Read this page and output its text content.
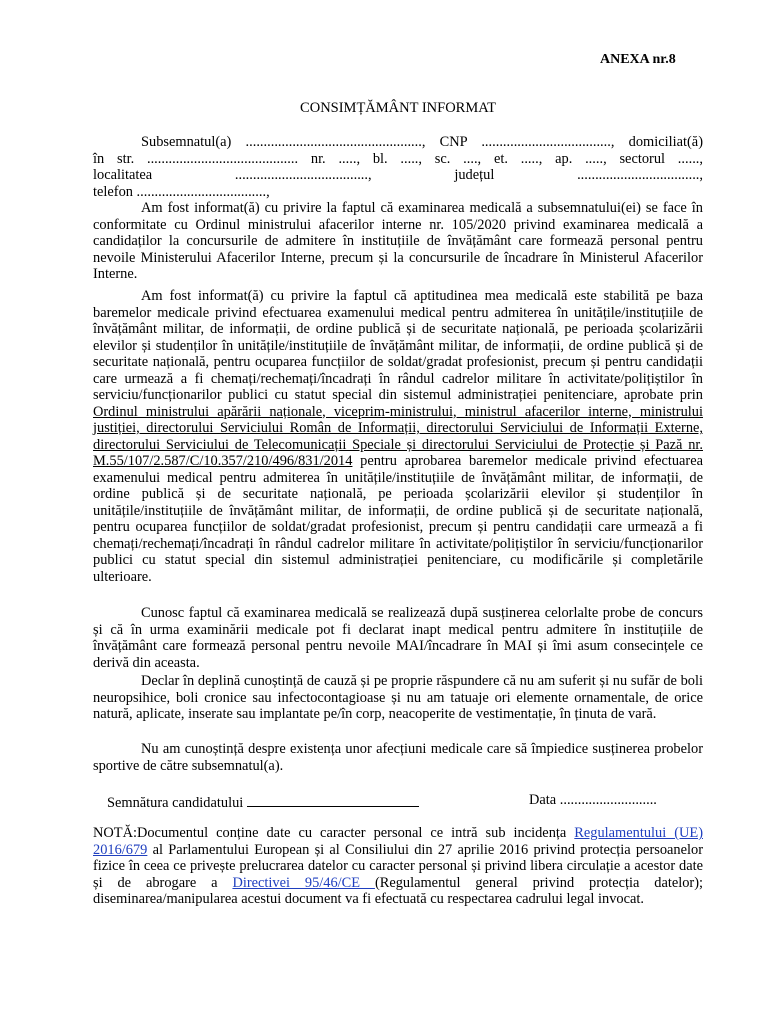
ANEXA nr.8
CONSIMȚĂMÂNT INFORMAT
Subsemnatul(a) ................................................., CNP ...................................., domiciliat(ă)
în str. .......................................... nr. ....., bl. ....., sc. ...., et. ....., ap. ....., sectorul ......,
localitatea ....................................., județul ..................................,
telefon ....................................,

Am fost informat(ă) cu privire la faptul că examinarea medicală a subsemnatului(ei) se face în conformitate cu Ordinul ministrului afacerilor interne nr. 105/2020 privind examinarea medicală a candidaților la concursurile de admitere în instituțiile de învățământ care formează personal pentru nevoile Ministerului Afacerilor Interne, precum și la concursurile de încadrare în Ministerul Afacerilor Interne.

Am fost informat(ă) cu privire la faptul că aptitudinea mea medicală este stabilită pe baza baremelor medicale privind efectuarea examenului medical pentru admiterea în unitățile/instituțiile de învățământ militar, de informații, de ordine publică și de securitate națională, pe perioada școlarizării elevilor și studenților în unitățile/instituțiile de învățământ militar, de informații, de ordine publică și de securitate națională, pentru ocuparea funcțiilor de soldat/gradat profesionist, precum și pentru candidații care urmează a fi chemați/rechemați/încadrați în rândul cadrelor militare în activitate/polițiștilor în serviciu/funcționarilor publici cu statut special din sistemul administrației penitenciare, aprobate prin Ordinul ministrului apărării naționale, viceprim-ministrului, ministrul afacerilor interne, ministrului justiției, directorului Serviciului Român de Informații, directorului Serviciului de Informații Externe, directorului Serviciului de Telecomunicații Speciale și directorului Serviciului de Protecție și Pază nr. M.55/107/2.587/C/10.357/210/496/831/2014 pentru aprobarea baremelor medicale privind efectuarea examenului medical pentru admiterea în unitățile/instituțiile de învățământ militar, de informații, de ordine publică și de securitate națională, pe perioada școlarizării elevilor și studenților în unitățile/instituțiile de învățământ militar, de informații, de ordine publică și de securitate națională, pentru ocuparea funcțiilor de soldat/gradat profesionist, precum și pentru candidații care urmează a fi chemați/rechemați/încadrați în rândul cadrelor militare în activitate/polițiștilor în serviciu/funcționarilor publici cu statut special din sistemul administrației penitenciare, cu modificările și completările ulterioare.

Cunosc faptul că examinarea medicală se realizează după susținerea celorlalte probe de concurs și că în urma examinării medicale pot fi declarat inapt medical pentru admitere în instituțiile de învățământ care formează personal pentru nevoile MAI/încadrare în MAI și îmi asum consecințele ce derivă din aceasta.

Declar în deplină cunoștință de cauză și pe proprie răspundere că nu am suferit și nu sufăr de boli neuropsihice, boli cronice sau infectocontagioase și nu am tatuaje ori elemente ornamentale, de orice natură, aplicate, inserate sau implantate pe/în corp, neacoperite de vestimentație, în ținuta de vară.

Nu am cunoștință despre existența unor afecțiuni medicale care să împiedice susținerea probelor sportive de către subsemnatul(a).

Semnătura candidatului	Data ...........................

NOTĂ:Documentul conține date cu caracter personal ce intră sub incidența Regulamentului (UE) 2016/679 al Parlamentului European și al Consiliului din 27 aprilie 2016 privind protecția persoanelor fizice în ceea ce privește prelucrarea datelor cu caracter personal și privind libera circulație a acestor date și de abrogare a Directivei 95/46/CE (Regulamentul general privind protecția datelor); diseminarea/manipularea acestui document va fi efectuată cu respectarea cadrului legal invocat.
